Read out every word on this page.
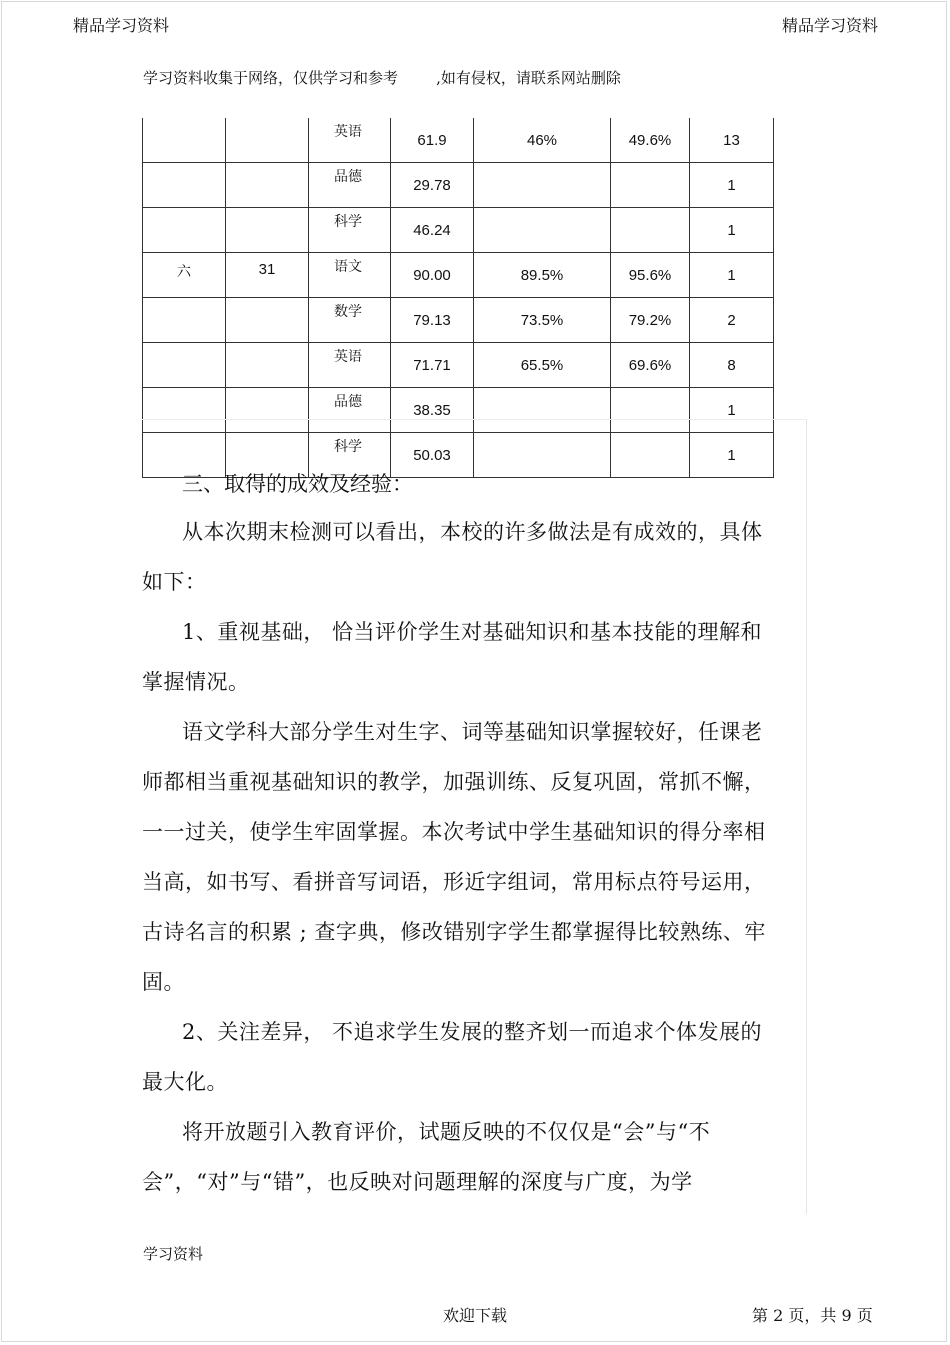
精品学习资料	精品学习资料
学习资料收集于网络，仅供学习和参考        ,如有侵权，请联系网站删除
		英语	61.9	46%	49.6%	13
		品德	29.78			1
		科学	46.24			1
六	31	语文	90.00	89.5%	95.6%	1
		数学	79.13	73.5%	79.2%	2
		英语	71.71	65.5%	69.6%	8
		品德	38.35			1
		科学	50.03			1

三、取得的成效及经验：

从本次期末检测可以看出，本校的许多做法是有成效的，具体如下：

1、重视基础， 恰当评价学生对基础知识和基本技能的理解和掌握情况。

语文学科大部分学生对生字、词等基础知识掌握较好，任课老师都相当重视基础知识的教学，加强训练、反复巩固，常抓不懈，一一过关，使学生牢固掌握。本次考试中学生基础知识的得分率相当高，如书写、看拼音写词语，形近字组词，常用标点符号运用，古诗名言的积累 ; 查字典，修改错别字学生都掌握得比较熟练、牢固。

2、关注差异， 不追求学生发展的整齐划一而追求个体发展的最大化。

将开放题引入教育评价，试题反映的不仅仅是“会”与“不会”，“对”与“错”，也反映对问题理解的深度与广度，为学

学习资料
欢迎下载	第 2 页，共 9 页
